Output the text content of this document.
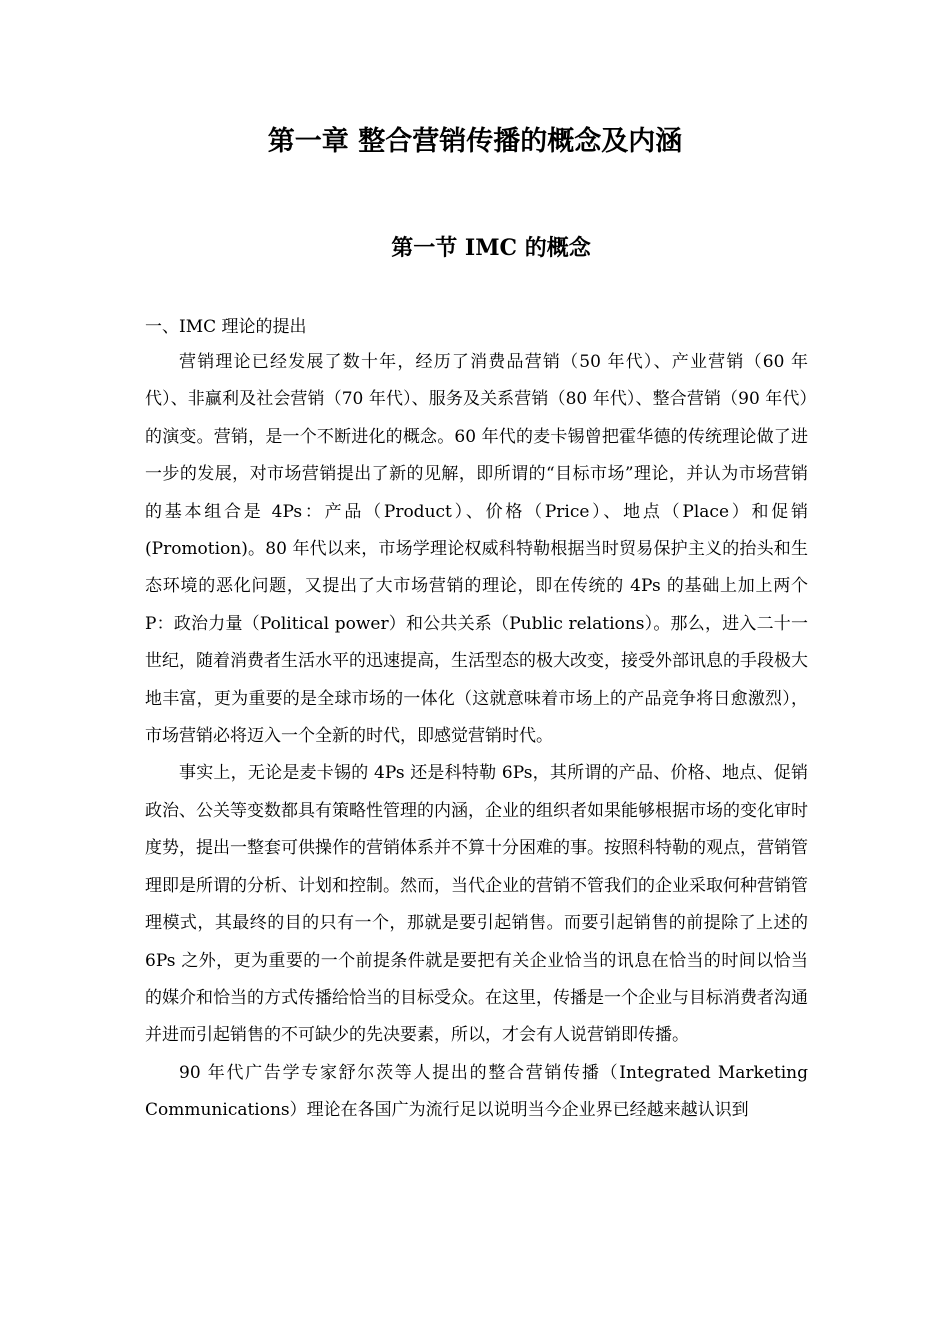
第一章 整合营销传播的概念及内涵
第一节 IMC 的概念

一、IMC 理论的提出

营销理论已经发展了数十年，经历了消费品营销（50 年代）、产业营销（60 年代）、非赢利及社会营销（70 年代）、服务及关系营销（80 年代）、整合营销（90 年代）的演变。营销，是一个不断进化的概念。60 年代的麦卡锡曾把霍华德的传统理论做了进一步的发展，对市场营销提出了新的见解，即所谓的“目标市场”理论，并认为市场营销的基本组合是 4Ps：产品（Product）、价格（Price）、地点（Place）和促销(Promotion)。80 年代以来，市场学理论权威科特勒根据当时贸易保护主义的抬头和生态环境的恶化问题，又提出了大市场营销的理论，即在传统的 4Ps 的基础上加上两个 P：政治力量（Political power）和公共关系（Public relations）。那么，进入二十一世纪，随着消费者生活水平的迅速提高，生活型态的极大改变，接受外部讯息的手段极大地丰富，更为重要的是全球市场的一体化（这就意味着市场上的产品竞争将日愈激烈），市场营销必将迈入一个全新的时代，即感觉营销时代。

事实上，无论是麦卡锡的 4Ps 还是科特勒 6Ps，其所谓的产品、价格、地点、促销政治、公关等变数都具有策略性管理的内涵，企业的组织者如果能够根据市场的变化审时度势，提出一整套可供操作的营销体系并不算十分困难的事。按照科特勒的观点，营销管理即是所谓的分析、计划和控制。然而，当代企业的营销不管我们的企业采取何种营销管理模式，其最终的目的只有一个，那就是要引起销售。而要引起销售的前提除了上述的 6Ps 之外，更为重要的一个前提条件就是要把有关企业恰当的讯息在恰当的时间以恰当的媒介和恰当的方式传播给恰当的目标受众。在这里，传播是一个企业与目标消费者沟通并进而引起销售的不可缺少的先决要素，所以，才会有人说营销即传播。

90 年代广告学专家舒尔茨等人提出的整合营销传播（Integrated Marketing Communications）理论在各国广为流行足以说明当今企业界已经越来越认识到
